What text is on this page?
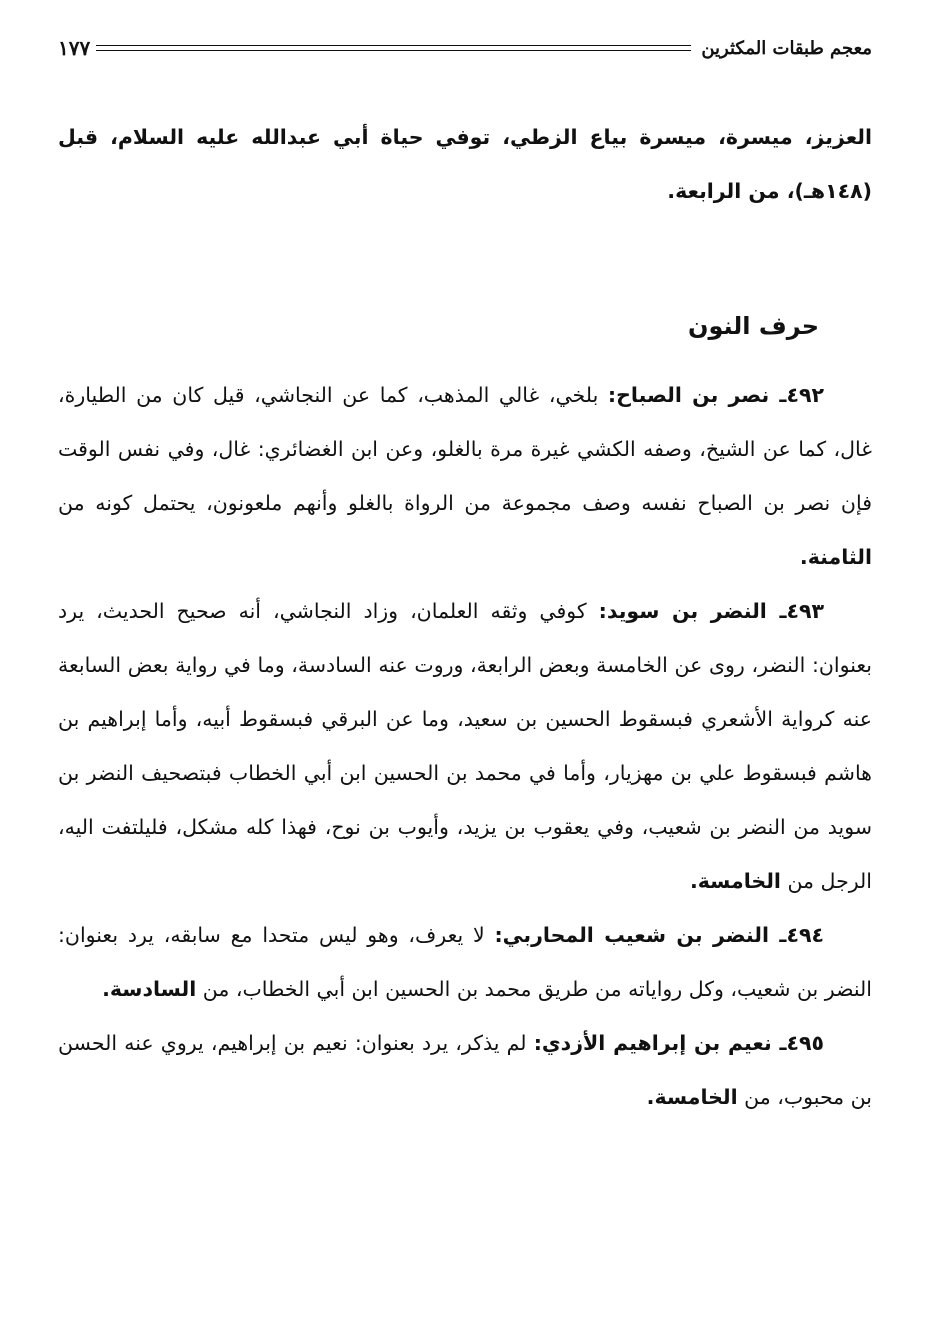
١٧٧	معجم طبقات المكثرين

العزيز، ميسرة، ميسرة بياع الزطي، توفي حياة أبي عبدالله عليه السلام، قبل (١٤٨هـ)، من الرابعة.

حرف النون

٤٩٢ـ نصر بن الصباح: بلخي، غالي المذهب، كما عن النجاشي، قيل كان من الطيارة، غال، كما عن الشيخ، وصفه الكشي غيرة مرة بالغلو، وعن ابن الغضائري: غال، وفي نفس الوقت فإن نصر بن الصباح نفسه وصف مجموعة من الرواة بالغلو وأنهم ملعونون، يحتمل كونه من الثامنة.

٤٩٣ـ النضر بن سويد: كوفي وثقه العلمان، وزاد النجاشي، أنه صحيح الحديث، يرد بعنوان: النضر، روى عن الخامسة وبعض الرابعة، وروت عنه السادسة، وما في رواية بعض السابعة عنه كرواية الأشعري فبسقوط الحسين بن سعيد، وما عن البرقي فبسقوط أبيه، وأما إبراهيم بن هاشم فبسقوط علي بن مهزيار، وأما في محمد بن الحسين ابن أبي الخطاب فبتصحيف النضر بن سويد من النضر بن شعيب، وفي يعقوب بن يزيد، وأيوب بن نوح، فهذا كله مشكل، فليلتفت اليه، الرجل من الخامسة.

٤٩٤ـ النضر بن شعيب المحاربي: لا يعرف، وهو ليس متحدا مع سابقه، يرد بعنوان: النضر بن شعيب، وكل رواياته من طريق محمد بن الحسين ابن أبي الخطاب، من السادسة.

٤٩٥ـ نعيم بن إبراهيم الأزدي: لم يذكر، يرد بعنوان: نعيم بن إبراهيم، يروي عنه الحسن بن محبوب، من الخامسة.
